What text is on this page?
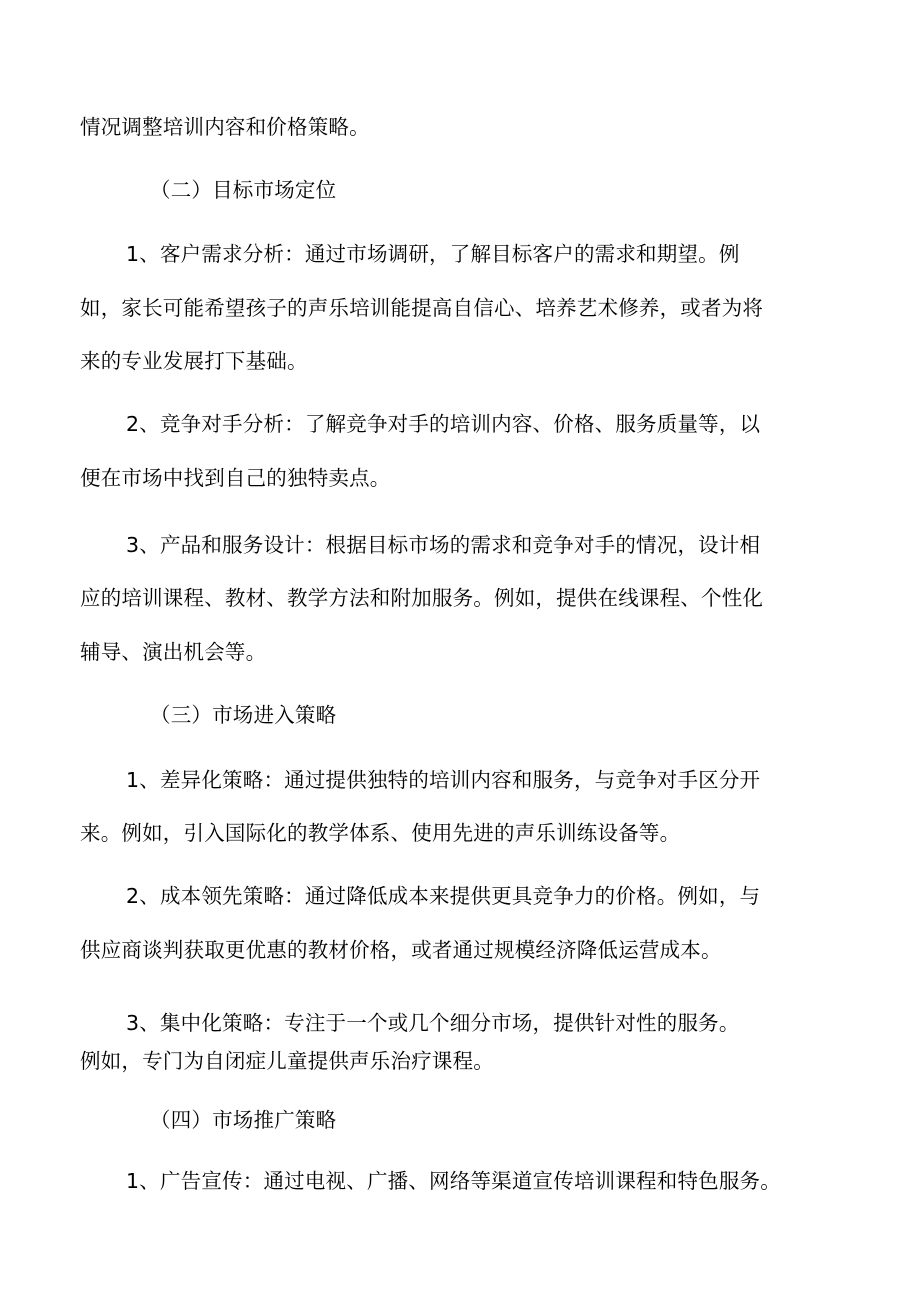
情况调整培训内容和价格策略。

（二）目标市场定位

1、客户需求分析：通过市场调研，了解目标客户的需求和期望。例

如，家长可能希望孩子的声乐培训能提高自信心、培养艺术修养，或者为将

来的专业发展打下基础。

2、竞争对手分析：了解竞争对手的培训内容、价格、服务质量等，以

便在市场中找到自己的独特卖点。

3、产品和服务设计：根据目标市场的需求和竞争对手的情况，设计相

应的培训课程、教材、教学方法和附加服务。例如，提供在线课程、个性化

辅导、演出机会等。

（三）市场进入策略

1、差异化策略：通过提供独特的培训内容和服务，与竞争对手区分开

来。例如，引入国际化的教学体系、使用先进的声乐训练设备等。

2、成本领先策略：通过降低成本来提供更具竞争力的价格。例如，与

供应商谈判获取更优惠的教材价格，或者通过规模经济降低运营成本。

3、集中化策略：专注于一个或几个细分市场，提供针对性的服务。

例如，专门为自闭症儿童提供声乐治疗课程。

（四）市场推广策略

1、广告宣传：通过电视、广播、网络等渠道宣传培训课程和特色服务。
